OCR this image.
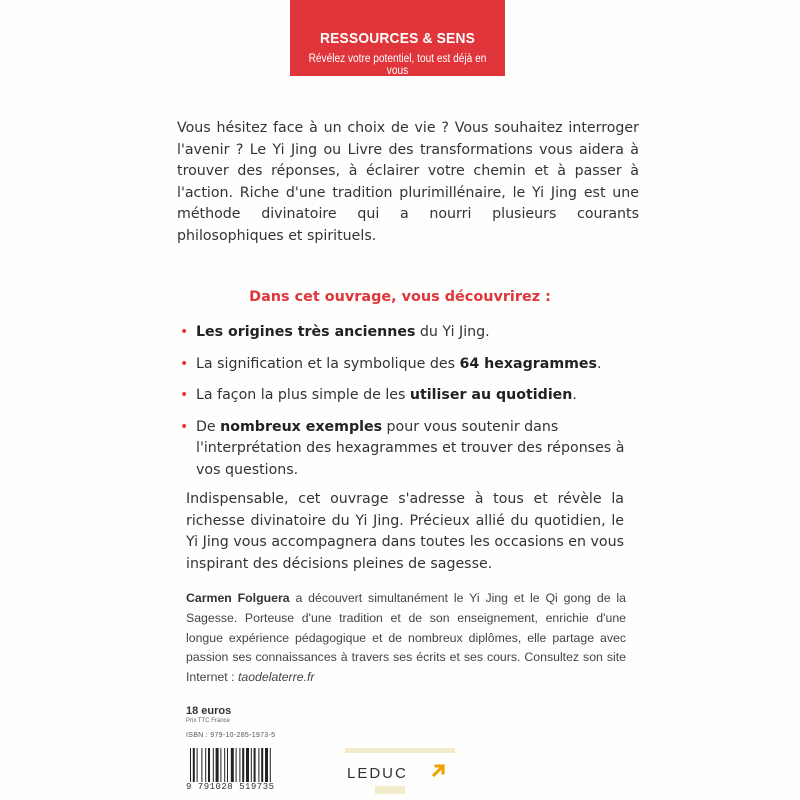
RESSOURCES & SENS
Révélez votre potentiel, tout est déjà en vous
Vous hésitez face à un choix de vie ? Vous souhaitez interroger l'avenir ? Le Yi Jing ou Livre des transformations vous aidera à trouver des réponses, à éclairer votre chemin et à passer à l'action. Riche d'une tradition plurimillénaire, le Yi Jing est une méthode divinatoire qui a nourri plusieurs courants philosophiques et spirituels.
Dans cet ouvrage, vous découvrirez :
• Les origines très anciennes du Yi Jing.
• La signification et la symbolique des 64 hexagrammes.
• La façon la plus simple de les utiliser au quotidien.
• De nombreux exemples pour vous soutenir dans l'interprétation des hexagrammes et trouver des réponses à vos questions.
Indispensable, cet ouvrage s'adresse à tous et révèle la richesse divinatoire du Yi Jing. Précieux allié du quotidien, le Yi Jing vous accompagnera dans toutes les occasions en vous inspirant des décisions pleines de sagesse.
Carmen Folguera a découvert simultanément le Yi Jing et le Qi gong de la Sagesse. Porteuse d'une tradition et de son enseignement, enrichie d'une longue expérience pédagogique et de nombreux diplômes, elle partage avec passion ses connaissances à travers ses écrits et ses cours. Consultez son site Internet : taodelaterre.fr
18 euros
Prix TTC France
ISBN : 979-10-285-1973-5
9 791028 519735
LEDUC
